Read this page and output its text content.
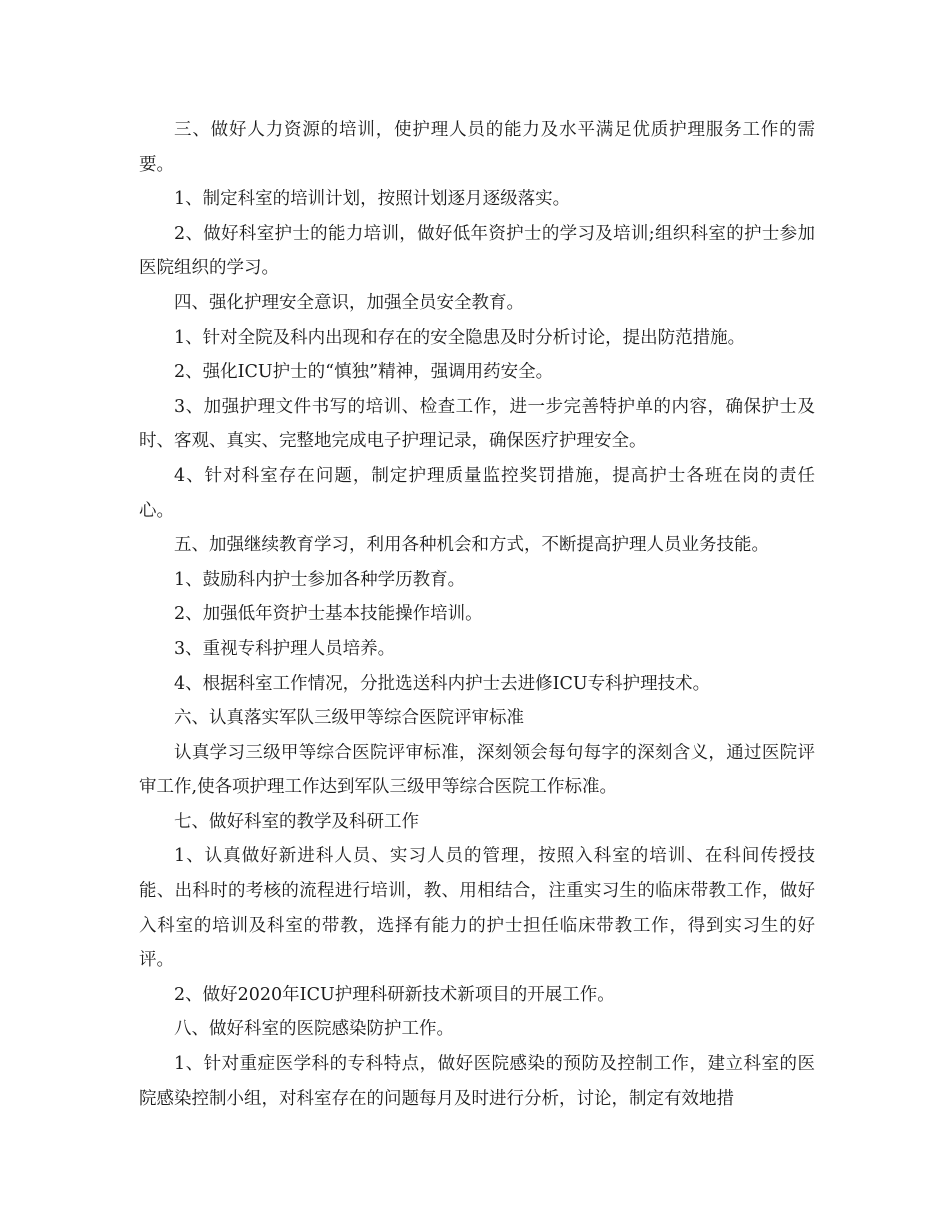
三、做好人力资源的培训，使护理人员的能力及水平满足优质护理服务工作的需要。

1、制定科室的培训计划，按照计划逐月逐级落实。

2、做好科室护士的能力培训，做好低年资护士的学习及培训;组织科室的护士参加医院组织的学习。

四、强化护理安全意识，加强全员安全教育。

1、针对全院及科内出现和存在的安全隐患及时分析讨论，提出防范措施。

2、强化ICU护士的“慎独”精神，强调用药安全。

3、加强护理文件书写的培训、检查工作，进一步完善特护单的内容，确保护士及时、客观、真实、完整地完成电子护理记录，确保医疗护理安全。

4、针对科室存在问题，制定护理质量监控奖罚措施，提高护士各班在岗的责任心。

五、加强继续教育学习，利用各种机会和方式，不断提高护理人员业务技能。

1、鼓励科内护士参加各种学历教育。

2、加强低年资护士基本技能操作培训。

3、重视专科护理人员培养。

4、根据科室工作情况，分批选送科内护士去进修ICU专科护理技术。

六、认真落实军队三级甲等综合医院评审标准

认真学习三级甲等综合医院评审标准，深刻领会每句每字的深刻含义，通过医院评审工作,使各项护理工作达到军队三级甲等综合医院工作标准。

七、做好科室的教学及科研工作

1、认真做好新进科人员、实习人员的管理，按照入科室的培训、在科间传授技能、出科时的考核的流程进行培训，教、用相结合，注重实习生的临床带教工作，做好入科室的培训及科室的带教，选择有能力的护士担任临床带教工作，得到实习生的好评。

2、做好2020年ICU护理科研新技术新项目的开展工作。

八、做好科室的医院感染防护工作。

1、针对重症医学科的专科特点，做好医院感染的预防及控制工作，建立科室的医院感染控制小组，对科室存在的问题每月及时进行分析，讨论，制定有效地措
